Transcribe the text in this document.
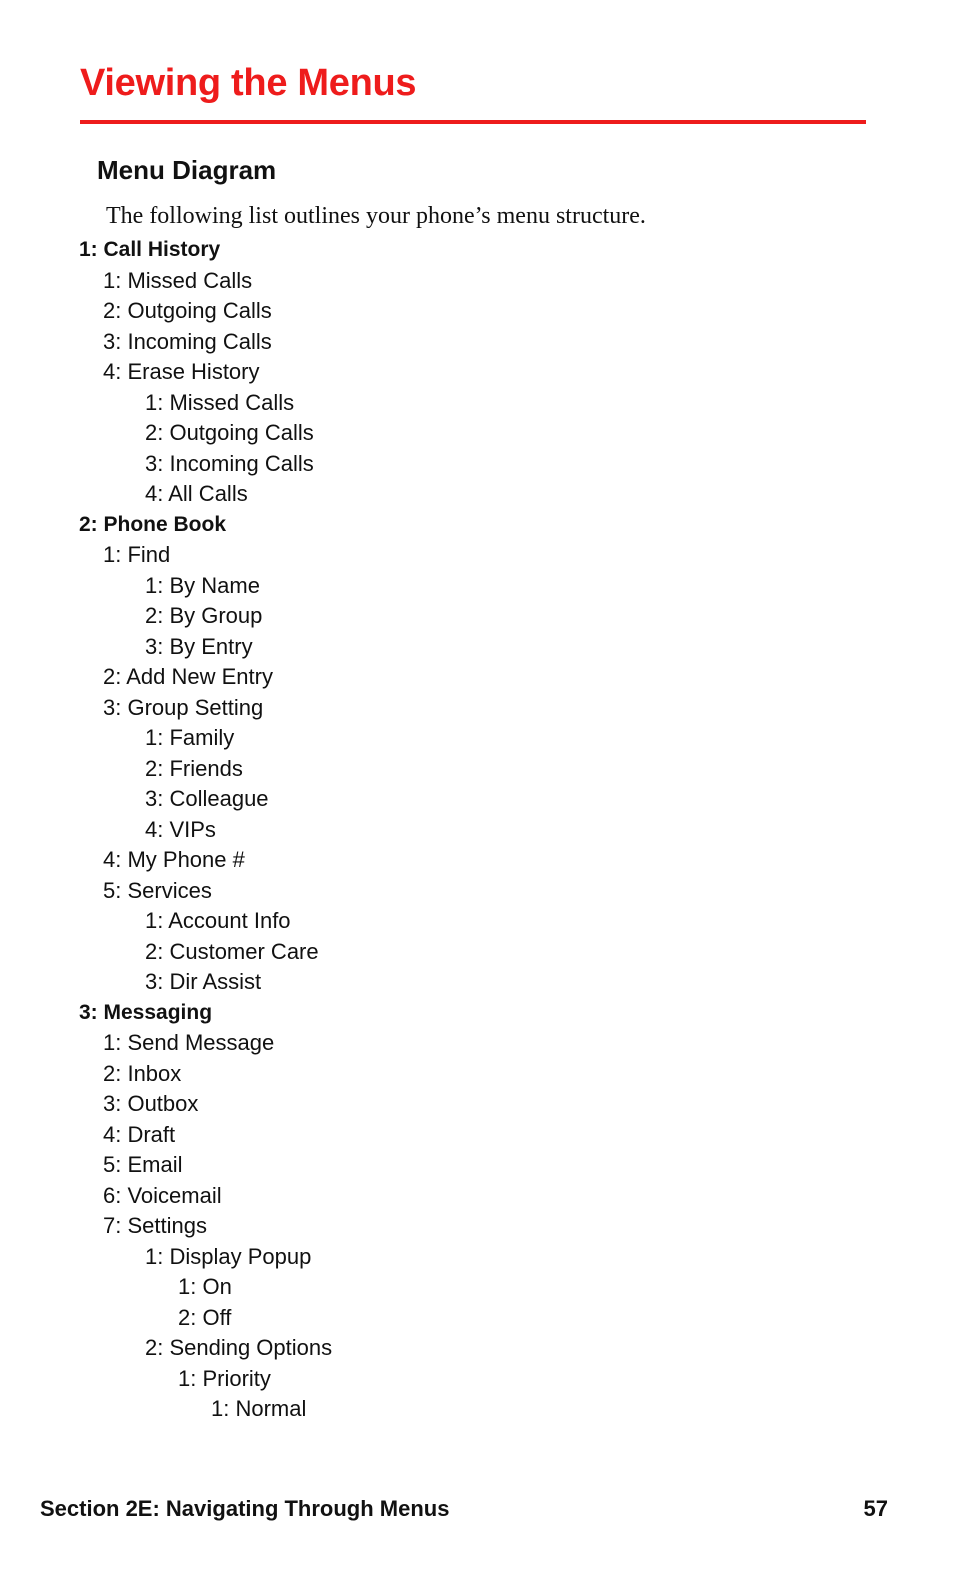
Viewing the Menus
Menu Diagram

The following list outlines your phone’s menu structure.

1: Call History
1: Missed Calls
2: Outgoing Calls
3: Incoming Calls
4: Erase History
1: Missed Calls
2: Outgoing Calls
3: Incoming Calls
4: All Calls
2: Phone Book
1: Find
1: By Name
2: By Group
3: By Entry
2: Add New Entry
3: Group Setting
1: Family
2: Friends
3: Colleague
4: VIPs
4: My Phone #
5: Services
1: Account Info
2: Customer Care
3: Dir Assist
3: Messaging
1: Send Message
2: Inbox
3: Outbox
4: Draft
5: Email
6: Voicemail
7: Settings
1: Display Popup
1: On
2: Off
2: Sending Options
1: Priority
1: Normal
Section 2E: Navigating Through Menus	57
